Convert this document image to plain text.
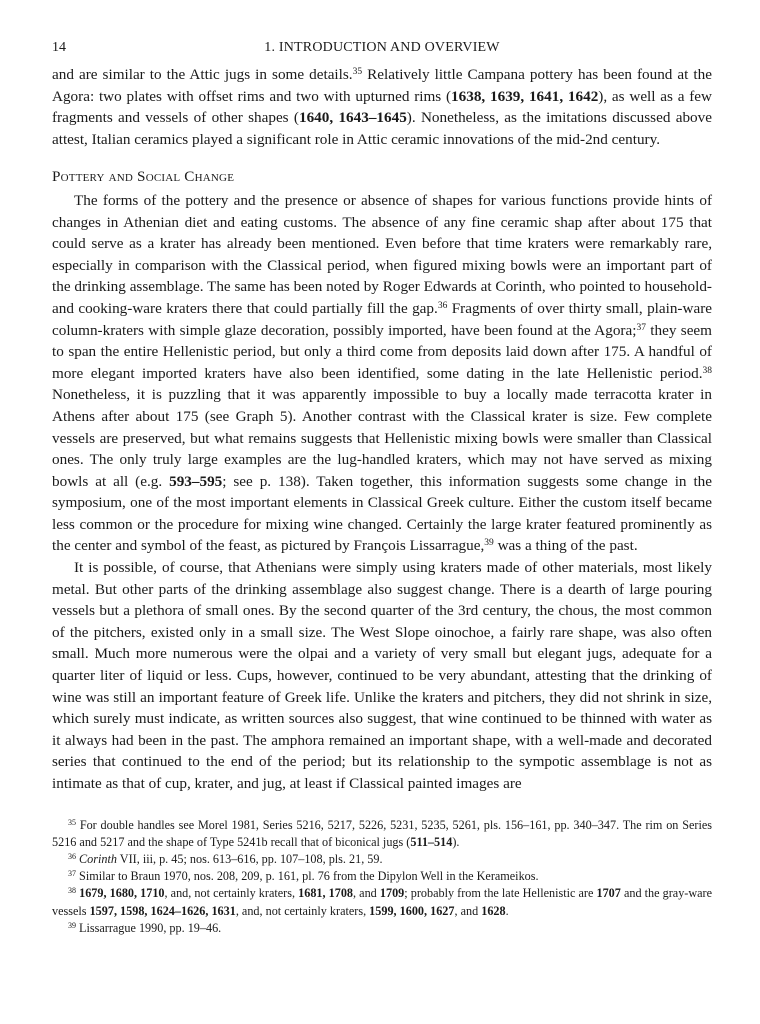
14	1. INTRODUCTION AND OVERVIEW

and are similar to the Attic jugs in some details.$^{35}$ Relatively little Campana pottery has been found at the Agora: two plates with offset rims and two with upturned rims (1638, 1639, 1641, 1642), as well as a few fragments and vessels of other shapes (1640, 1643–1645). Nonetheless, as the imitations discussed above attest, Italian ceramics played a significant role in Attic ceramic innovations of the mid-2nd century.

Pottery and Social Change

The forms of the pottery and the presence or absence of shapes for various functions provide hints of changes in Athenian diet and eating customs. The absence of any fine ceramic shap after about 175 that could serve as a krater has already been mentioned. Even before that time kraters were remarkably rare, especially in comparison with the Classical period, when figured mixing bowls were an important part of the drinking assemblage. The same has been noted by Roger Edwards at Corinth, who pointed to household- and cooking-ware kraters there that could partially fill the gap.$^{36}$ Fragments of over thirty small, plain-ware column-kraters with simple glaze decoration, possibly imported, have been found at the Agora;$^{37}$ they seem to span the entire Hellenistic period, but only a third come from deposits laid down after 175. A handful of more elegant imported kraters have also been identified, some dating in the late Hellenistic period.$^{38}$ Nonetheless, it is puzzling that it was apparently impossible to buy a locally made terracotta krater in Athens after about 175 (see Graph 5). Another contrast with the Classical krater is size. Few complete vessels are preserved, but what remains suggests that Hellenistic mixing bowls were smaller than Classical ones. The only truly large examples are the lug-handled kraters, which may not have served as mixing bowls at all (e.g. 593–595; see p. 138). Taken together, this information suggests some change in the symposium, one of the most important elements in Classical Greek culture. Either the custom itself became less common or the procedure for mixing wine changed. Certainly the large krater featured prominently as the center and symbol of the feast, as pictured by François Lissarrague,$^{39}$ was a thing of the past.

It is possible, of course, that Athenians were simply using kraters made of other materials, most likely metal. But other parts of the drinking assemblage also suggest change. There is a dearth of large pouring vessels but a plethora of small ones. By the second quarter of the 3rd century, the chous, the most common of the pitchers, existed only in a small size. The West Slope oinochoe, a fairly rare shape, was also often small. Much more numerous were the olpai and a variety of very small but elegant jugs, adequate for a quarter liter of liquid or less. Cups, however, continued to be very abundant, attesting that the drinking of wine was still an important feature of Greek life. Unlike the kraters and pitchers, they did not shrink in size, which surely must indicate, as written sources also suggest, that wine continued to be thinned with water as it always had been in the past. The amphora remained an important shape, with a well-made and decorated series that continued to the end of the period; but its relationship to the sympotic assemblage is not as intimate as that of cup, krater, and jug, at least if Classical painted images are

$^{35}$ For double handles see Morel 1981, Series 5216, 5217, 5226, 5231, 5235, 5261, pls. 156–161, pp. 340–347. The rim on Series 5216 and 5217 and the shape of Type 5241b recall that of biconical jugs (511–514).

$^{36}$ Corinth VII, iii, p. 45; nos. 613–616, pp. 107–108, pls. 21, 59.

$^{37}$ Similar to Braun 1970, nos. 208, 209, p. 161, pl. 76 from the Dipylon Well in the Kerameikos.

$^{38}$ 1679, 1680, 1710, and, not certainly kraters, 1681, 1708, and 1709; probably from the late Hellenistic are 1707 and the gray-ware vessels 1597, 1598, 1624–1626, 1631, and, not certainly kraters, 1599, 1600, 1627, and 1628.

$^{39}$ Lissarrague 1990, pp. 19–46.
